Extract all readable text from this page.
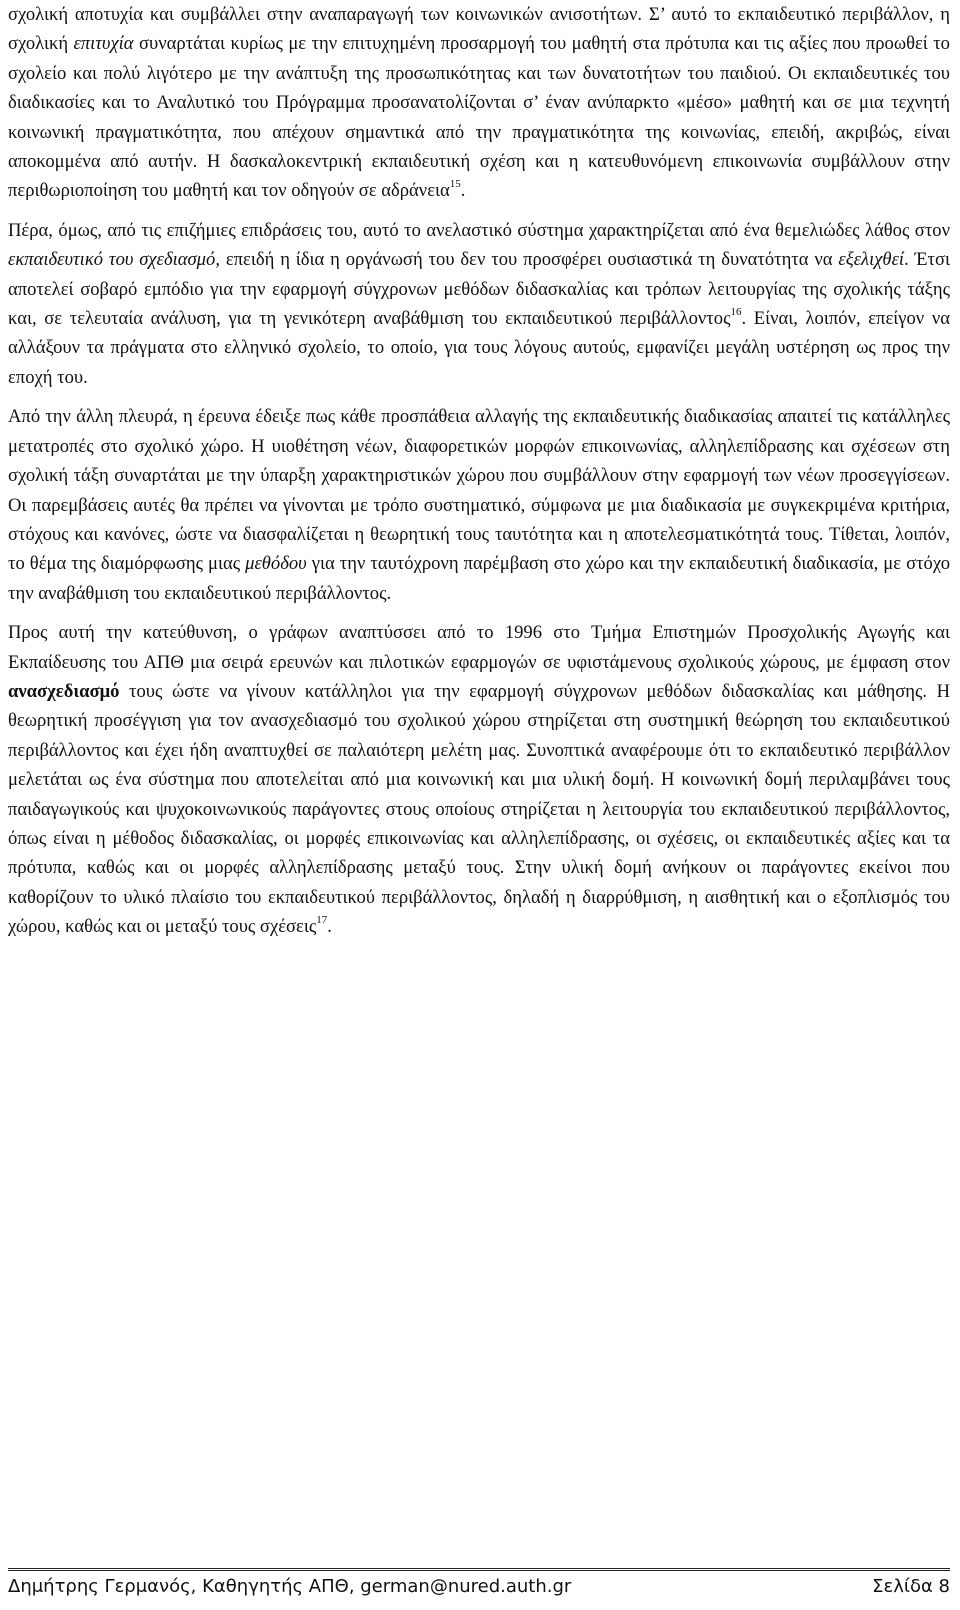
σχολική αποτυχία και συμβάλλει στην αναπαραγωγή των κοινωνικών ανισοτήτων. Σ’ αυτό το εκπαιδευτικό περιβάλλον, η σχολική επιτυχία συναρτάται κυρίως με την επιτυχημένη προσαρμογή του μαθητή στα πρότυπα και τις αξίες που προωθεί το σχολείο και πολύ λιγότερο με την ανάπτυξη της προσωπικότητας και των δυνατοτήτων του παιδιού. Οι εκπαιδευτικές του διαδικασίες και το Αναλυτικό του Πρόγραμμα προσανατολίζονται σ’ έναν ανύπαρκτο «μέσο» μαθητή και σε μια τεχνητή κοινωνική πραγματικότητα, που απέχουν σημαντικά από την πραγματικότητα της κοινωνίας, επειδή, ακριβώς, είναι αποκομμένα από αυτήν. Η δασκαλοκεντρική εκπαιδευτική σχέση και η κατευθυνόμενη επικοινωνία συμβάλλουν στην περιθωριοποίηση του μαθητή και τον οδηγούν σε αδράνεια$^{15}$.

Πέρα, όμως, από τις επιζήμιες επιδράσεις του, αυτό το ανελαστικό σύστημα χαρακτηρίζεται από ένα θεμελιώδες λάθος στον εκπαιδευτικό του σχεδιασμό, επειδή η ίδια η οργάνωσή του δεν του προσφέρει ουσιαστικά τη δυνατότητα να εξελιχθεί. Έτσι αποτελεί σοβαρό εμπόδιο για την εφαρμογή σύγχρονων μεθόδων διδασκαλίας και τρόπων λειτουργίας της σχολικής τάξης και, σε τελευταία ανάλυση, για τη γενικότερη αναβάθμιση του εκπαιδευτικού περιβάλλοντος$^{16}$. Είναι, λοιπόν, επείγον να αλλάξουν τα πράγματα στο ελληνικό σχολείο, το οποίο, για τους λόγους αυτούς, εμφανίζει μεγάλη υστέρηση ως προς την εποχή του.

Από την άλλη πλευρά, η έρευνα έδειξε πως κάθε προσπάθεια αλλαγής της εκπαιδευτικής διαδικασίας απαιτεί τις κατάλληλες μετατροπές στο σχολικό χώρο. Η υιοθέτηση νέων, διαφορετικών μορφών επικοινωνίας, αλληλεπίδρασης και σχέσεων στη σχολική τάξη συναρτάται με την ύπαρξη χαρακτηριστικών χώρου που συμβάλλουν στην εφαρμογή των νέων προσεγγίσεων. Οι παρεμβάσεις αυτές θα πρέπει να γίνονται με τρόπο συστηματικό, σύμφωνα με μια διαδικασία με συγκεκριμένα κριτήρια, στόχους και κανόνες, ώστε να διασφαλίζεται η θεωρητική τους ταυτότητα και η αποτελεσματικότητά τους. Τίθεται, λοιπόν, το θέμα της διαμόρφωσης μιας μεθόδου για την ταυτόχρονη παρέμβαση στο χώρο και την εκπαιδευτική διαδικασία, με στόχο την αναβάθμιση του εκπαιδευτικού περιβάλλοντος.

Προς αυτή την κατεύθυνση, ο γράφων αναπτύσσει από το 1996 στο Τμήμα Επιστημών Προσχολικής Αγωγής και Εκπαίδευσης του ΑΠΘ μια σειρά ερευνών και πιλοτικών εφαρμογών σε υφιστάμενους σχολικούς χώρους, με έμφαση στον ανασχεδιασμό τους ώστε να γίνουν κατάλληλοι για την εφαρμογή σύγχρονων μεθόδων διδασκαλίας και μάθησης. Η θεωρητική προσέγγιση για τον ανασχεδιασμό του σχολικού χώρου στηρίζεται στη συστημική θεώρηση του εκπαιδευτικού περιβάλλοντος και έχει ήδη αναπτυχθεί σε παλαιότερη μελέτη μας. Συνοπτικά αναφέρουμε ότι το εκπαιδευτικό περιβάλλον μελετάται ως ένα σύστημα που αποτελείται από μια κοινωνική και μια υλική δομή. Η κοινωνική δομή περιλαμβάνει τους παιδαγωγικούς και ψυχοκοινωνικούς παράγοντες στους οποίους στηρίζεται η λειτουργία του εκπαιδευτικού περιβάλλοντος, όπως είναι η μέθοδος διδασκαλίας, οι μορφές επικοινωνίας και αλληλεπίδρασης, οι σχέσεις, οι εκπαιδευτικές αξίες και τα πρότυπα, καθώς και οι μορφές αλληλεπίδρασης μεταξύ τους. Στην υλική δομή ανήκουν οι παράγοντες εκείνοι που καθορίζουν το υλικό πλαίσιο του εκπαιδευτικού περιβάλλοντος, δηλαδή η διαρρύθμιση, η αισθητική και ο εξοπλισμός του χώρου, καθώς και οι μεταξύ τους σχέσεις$^{17}$.

Δημήτρης Γερμανός, Καθηγητής ΑΠΘ, german@nured.auth.gr	Σελίδα 8
